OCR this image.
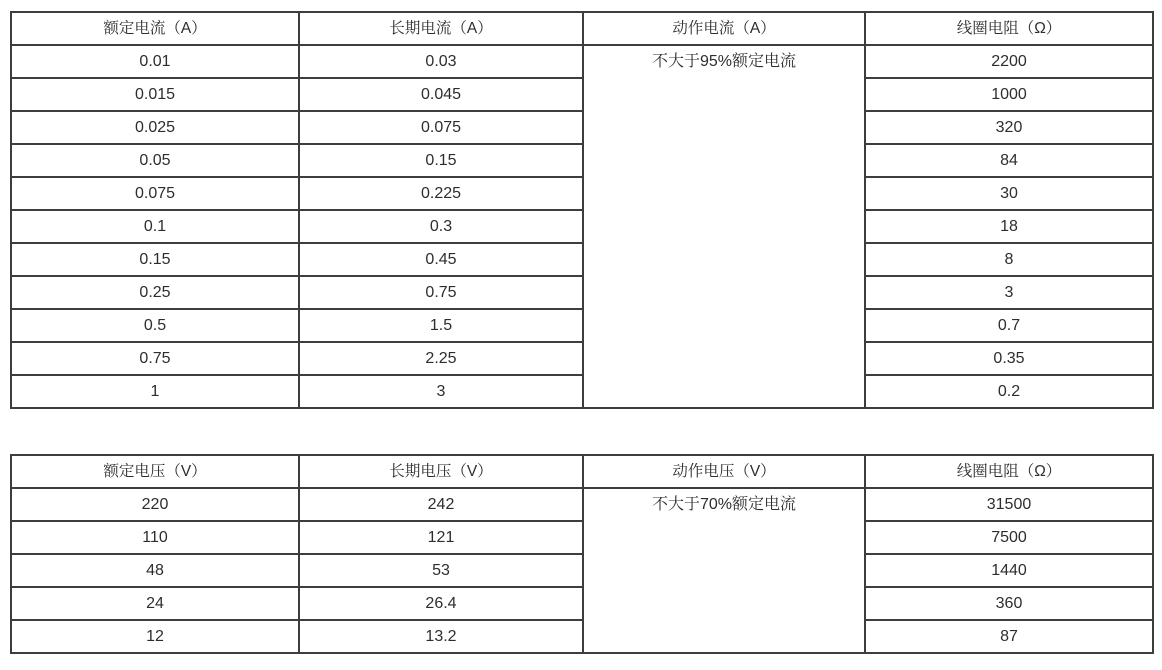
额定电流（A）	长期电流（A）	动作电流（A）	线圈电阻（Ω）
0.01	0.03	不大于95%额定电流	2200
0.015	0.045		1000
0.025	0.075		320
0.05	0.15		84
0.075	0.225		30
0.1	0.3		18
0.15	0.45		8
0.25	0.75		3
0.5	1.5		0.7
0.75	2.25		0.35
1	3		0.2
额定电压（V）	长期电压（V）	动作电压（V）	线圈电阻（Ω）
220	242	不大于70%额定电流	31500
110	121		7500
48	53		1440
24	26.4		360
12	13.2		87
